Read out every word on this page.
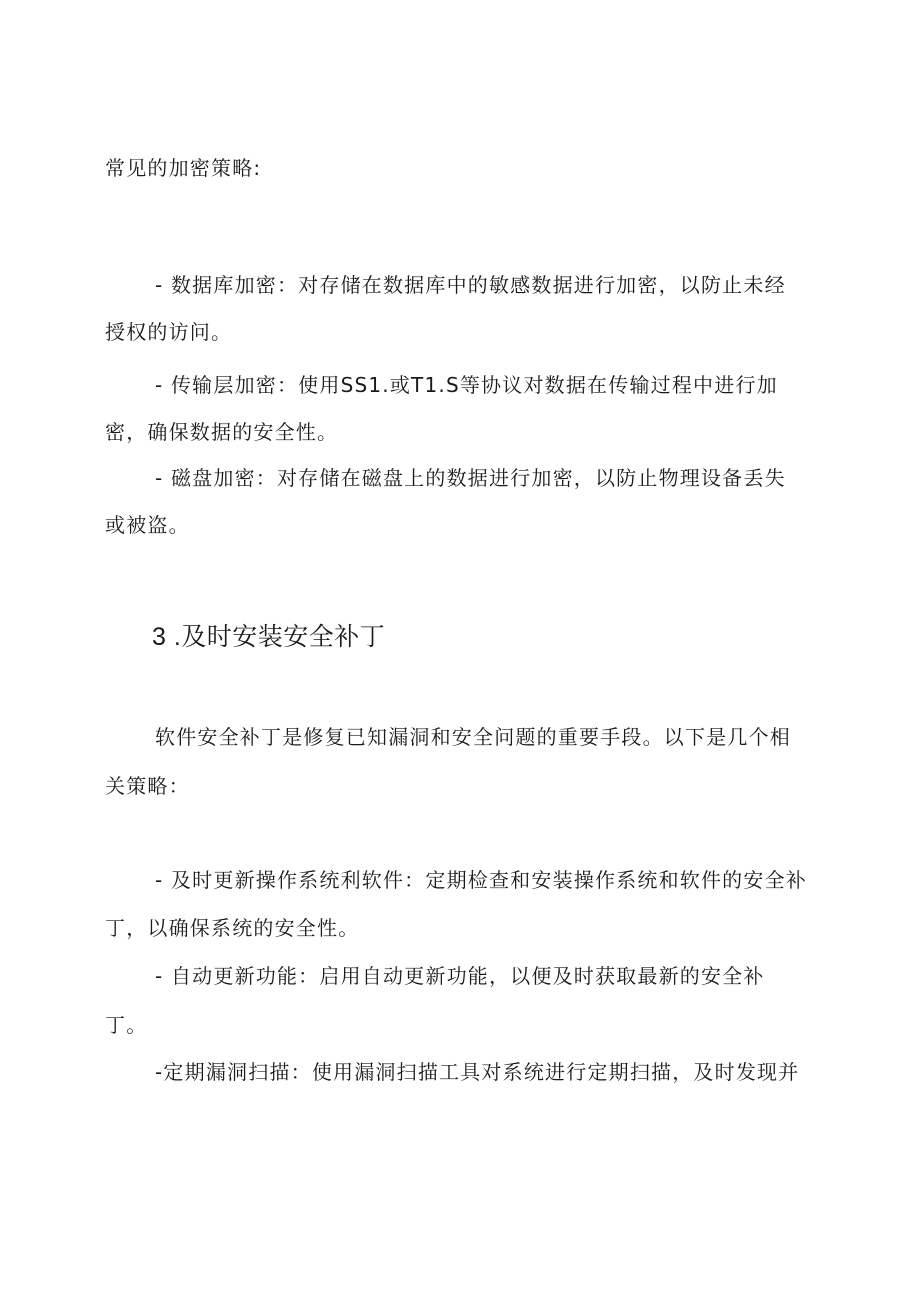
常见的加密策略:
- 数据库加密：对存储在数据库中的敏感数据进行加密，以防止未经
授权的访问。
- 传输层加密：使用SS1.或T1.S等协议对数据在传输过程中进行加
密，确保数据的安全性。
- 磁盘加密：对存储在磁盘上的数据进行加密，以防止物理设备丢失
或被盗。
3 .及时安装安全补丁
软件安全补丁是修复已知漏洞和安全问题的重要手段。以下是几个相
关策略：
- 及时更新操作系统利软件：定期检查和安装操作系统和软件的安全补
丁，以确保系统的安全性。
- 自动更新功能：启用自动更新功能，以便及时获取最新的安全补
丁。
-定期漏洞扫描：使用漏洞扫描工具对系统进行定期扫描，及时发现并
